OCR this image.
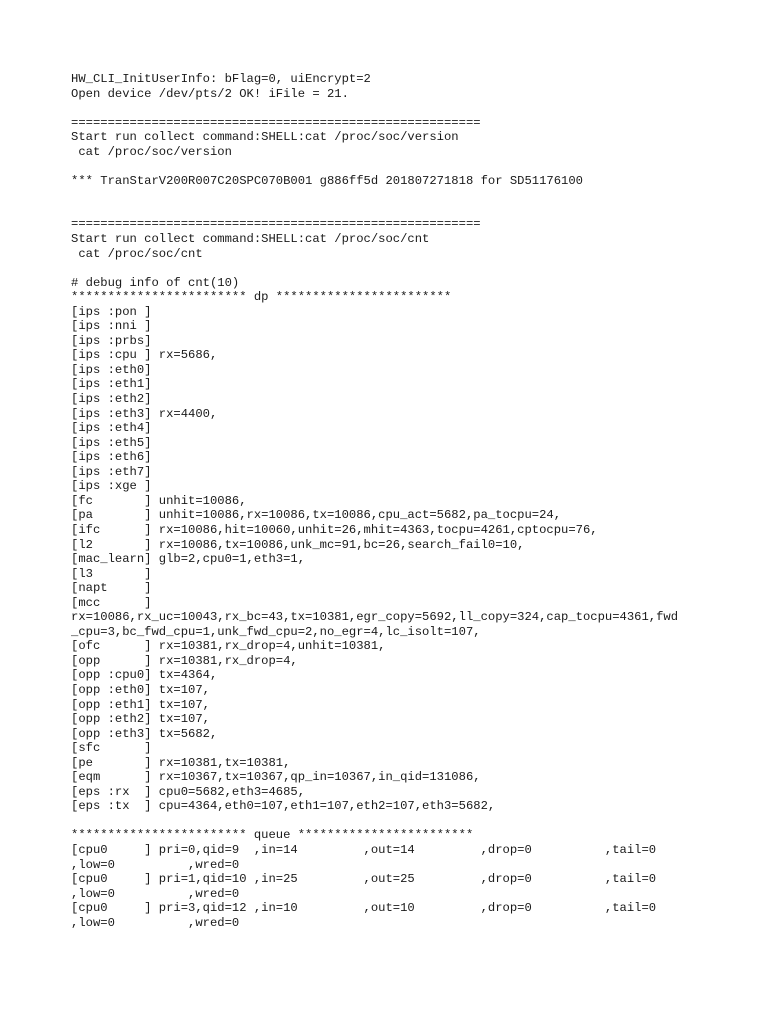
HW_CLI_InitUserInfo: bFlag=0, uiEncrypt=2
Open device /dev/pts/2 OK! iFile = 21.
========================================================
Start run collect command:SHELL:cat /proc/soc/version
cat /proc/soc/version
*** TranStarV200R007C20SPC070B001 g886ff5d 201807271818 for SD51176100
========================================================
Start run collect command:SHELL:cat /proc/soc/cnt
cat /proc/soc/cnt
# debug info of cnt(10)
************************ dp ************************
[ips :pon ]
[ips :nni ]
[ips :prbs]
[ips :cpu ] rx=5686,
[ips :eth0]
[ips :eth1]
[ips :eth2]
[ips :eth3] rx=4400,
[ips :eth4]
[ips :eth5]
[ips :eth6]
[ips :eth7]
[ips :xge ]
[fc       ] unhit=10086,
[pa       ] unhit=10086,rx=10086,tx=10086,cpu_act=5682,pa_tocpu=24,
[ifc      ] rx=10086,hit=10060,unhit=26,mhit=4363,tocpu=4261,cptocpu=76,
[l2       ] rx=10086,tx=10086,unk_mc=91,bc=26,search_fail0=10,
[mac_learn] glb=2,cpu0=1,eth3=1,
[l3       ]
[napt     ]
[mcc      ]
rx=10086,rx_uc=10043,rx_bc=43,tx=10381,egr_copy=5692,ll_copy=324,cap_tocpu=4361,fwd
_cpu=3,bc_fwd_cpu=1,unk_fwd_cpu=2,no_egr=4,lc_isolt=107,
[ofc      ] rx=10381,rx_drop=4,unhit=10381,
[opp      ] rx=10381,rx_drop=4,
[opp :cpu0] tx=4364,
[opp :eth0] tx=107,
[opp :eth1] tx=107,
[opp :eth2] tx=107,
[opp :eth3] tx=5682,
[sfc      ]
[pe       ] rx=10381,tx=10381,
[eqm      ] rx=10367,tx=10367,qp_in=10367,in_qid=131086,
[eps :rx  ] cpu0=5682,eth3=4685,
[eps :tx  ] cpu=4364,eth0=107,eth1=107,eth2=107,eth3=5682,
************************ queue ************************
[cpu0     ] pri=0,qid=9  ,in=14         ,out=14         ,drop=0          ,tail=0
,low=0          ,wred=0
[cpu0     ] pri=1,qid=10 ,in=25         ,out=25         ,drop=0          ,tail=0
,low=0          ,wred=0
[cpu0     ] pri=3,qid=12 ,in=10         ,out=10         ,drop=0          ,tail=0
,low=0          ,wred=0
